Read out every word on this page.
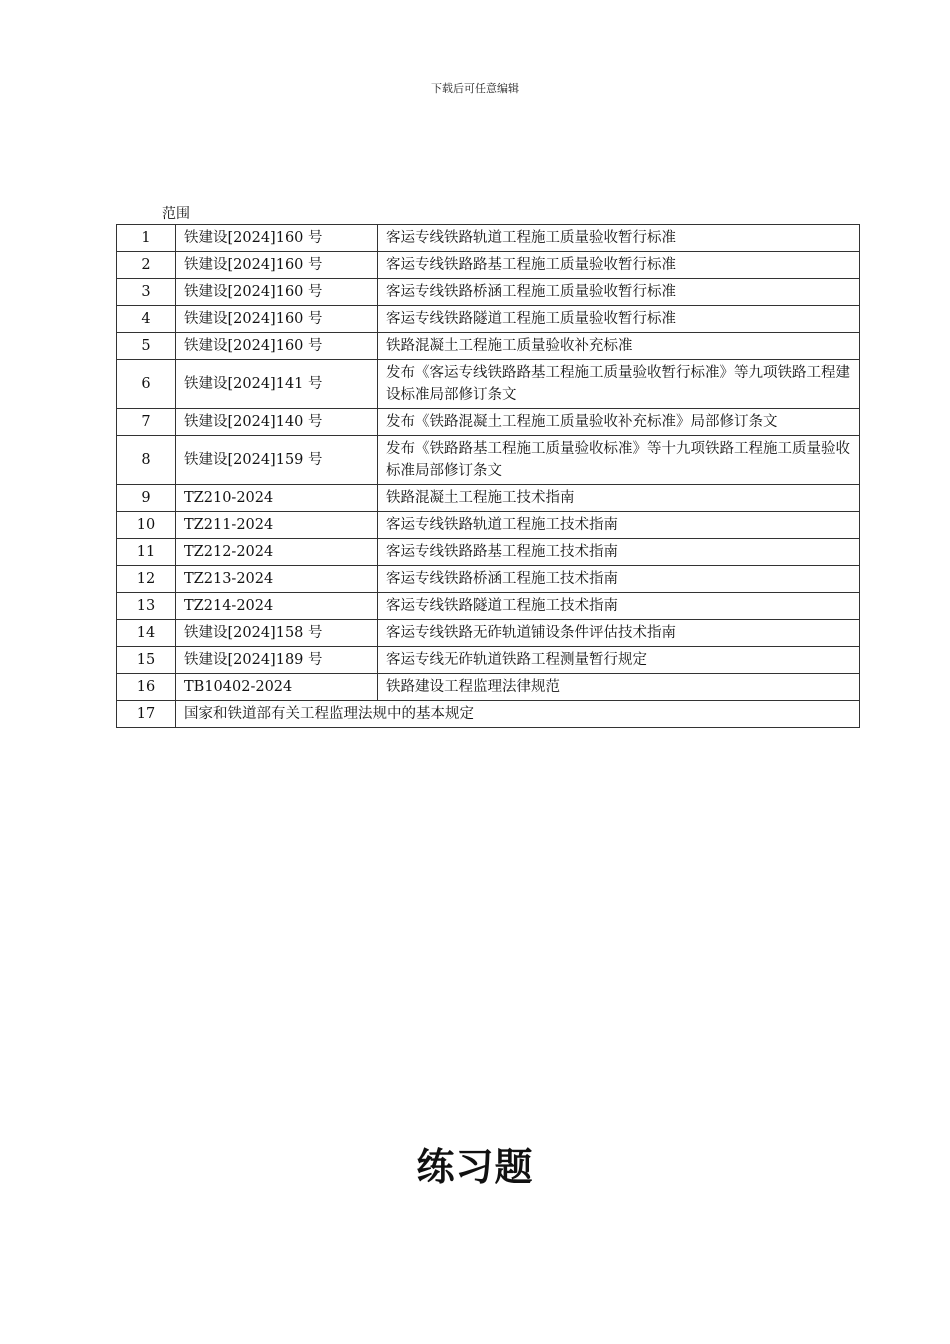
下载后可任意编辑
范围
1	铁建设[2024]160 号	客运专线铁路轨道工程施工质量验收暂行标准
2	铁建设[2024]160 号	客运专线铁路路基工程施工质量验收暂行标准
3	铁建设[2024]160 号	客运专线铁路桥涵工程施工质量验收暂行标准
4	铁建设[2024]160 号	客运专线铁路隧道工程施工质量验收暂行标准
5	铁建设[2024]160 号	铁路混凝土工程施工质量验收补充标准
6	铁建设[2024]141 号	发布《客运专线铁路路基工程施工质量验收暂行标准》等九项铁路工程建设标准局部修订条文
7	铁建设[2024]140 号	发布《铁路混凝土工程施工质量验收补充标准》局部修订条文
8	铁建设[2024]159 号	发布《铁路路基工程施工质量验收标准》等十九项铁路工程施工质量验收标准局部修订条文
9	TZ210-2024	铁路混凝土工程施工技术指南
10	TZ211-2024	客运专线铁路轨道工程施工技术指南
11	TZ212-2024	客运专线铁路路基工程施工技术指南
12	TZ213-2024	客运专线铁路桥涵工程施工技术指南
13	TZ214-2024	客运专线铁路隧道工程施工技术指南
14	铁建设[2024]158 号	客运专线铁路无砟轨道铺设条件评估技术指南
15	铁建设[2024]189 号	客运专线无砟轨道铁路工程测量暂行规定
16	TB10402-2024	铁路建设工程监理法律规范
17	国家和铁道部有关工程监理法规中的基本规定	
练习题
